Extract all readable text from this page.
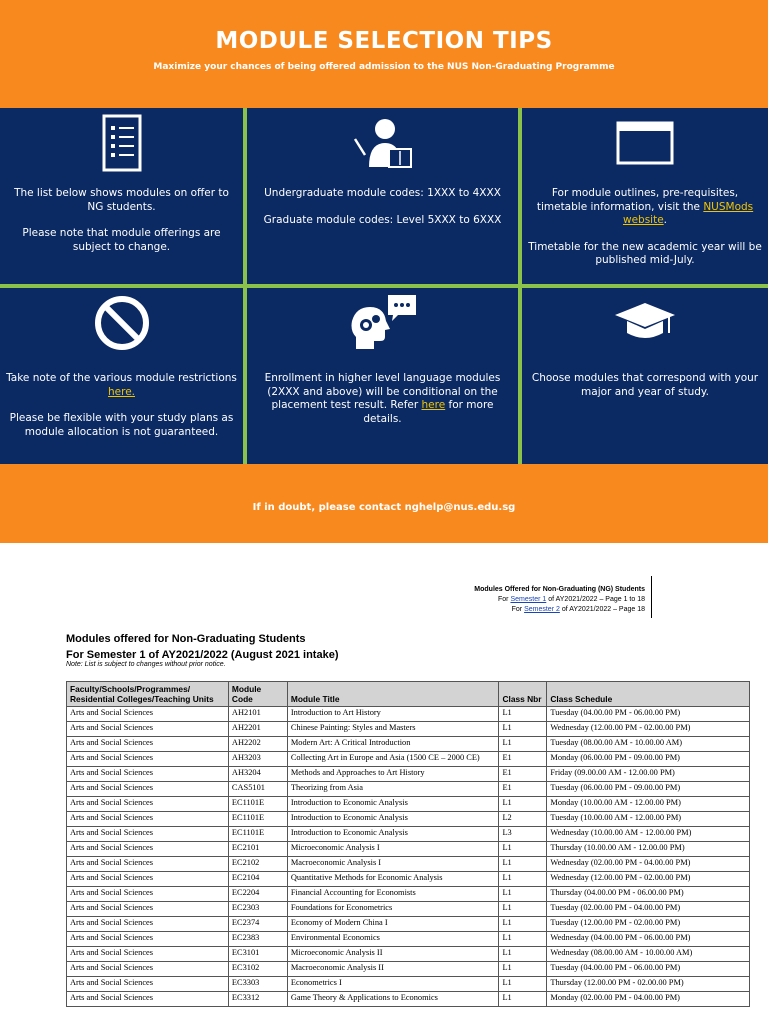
MODULE SELECTION TIPS
Maximize your chances of being offered admission to the NUS Non-Graduating Programme

The list below shows modules on offer to NG students.

Please note that module offerings are subject to change.

Undergraduate module codes: 1XXX to 4XXX

Graduate module codes: Level 5XXX to 6XXX

For module outlines, pre-requisites, timetable information, visit the NUSMods website.

Timetable for the new academic year will be published mid-July.

Take note of the various module restrictions here.

Please be flexible with your study plans as module allocation is not guaranteed.

Enrollment in higher level language modules (2XXX and above) will be conditional on the placement test result. Refer here for more details.

Choose modules that correspond with your major and year of study.

If in doubt, please contact nghelp@nus.edu.sg
Modules Offered for Non-Graduating (NG) Students
For Semester 1 of AY2021/2022 – Page 1 to 18
For Semester 2 of AY2021/2022 – Page 18
Modules offered for Non-Graduating Students
For Semester 1 of AY2021/2022 (August 2021 intake)
Note: List is subject to changes without prior notice.
Faculty/Schools/Programmes/ Residential Colleges/Teaching Units	Module Code	Module Title	Class Nbr	Class Schedule
Arts and Social Sciences	AH2101	Introduction to Art History	L1	Tuesday (04.00.00 PM - 06.00.00 PM)
Arts and Social Sciences	AH2201	Chinese Painting: Styles and Masters	L1	Wednesday (12.00.00 PM - 02.00.00 PM)
Arts and Social Sciences	AH2202	Modern Art: A Critical Introduction	L1	Tuesday (08.00.00 AM - 10.00.00 AM)
Arts and Social Sciences	AH3203	Collecting Art in Europe and Asia (1500 CE – 2000 CE)	E1	Monday (06.00.00 PM - 09.00.00 PM)
Arts and Social Sciences	AH3204	Methods and Approaches to Art History	E1	Friday (09.00.00 AM - 12.00.00 PM)
Arts and Social Sciences	CAS5101	Theorizing from Asia	E1	Tuesday (06.00.00 PM - 09.00.00 PM)
Arts and Social Sciences	EC1101E	Introduction to Economic Analysis	L1	Monday (10.00.00 AM - 12.00.00 PM)
Arts and Social Sciences	EC1101E	Introduction to Economic Analysis	L2	Tuesday (10.00.00 AM - 12.00.00 PM)
Arts and Social Sciences	EC1101E	Introduction to Economic Analysis	L3	Wednesday (10.00.00 AM - 12.00.00 PM)
Arts and Social Sciences	EC2101	Microeconomic Analysis I	L1	Thursday (10.00.00 AM - 12.00.00 PM)
Arts and Social Sciences	EC2102	Macroeconomic Analysis I	L1	Wednesday (02.00.00 PM - 04.00.00 PM)
Arts and Social Sciences	EC2104	Quantitative Methods for Economic Analysis	L1	Wednesday (12.00.00 PM - 02.00.00 PM)
Arts and Social Sciences	EC2204	Financial Accounting for Economists	L1	Thursday (04.00.00 PM - 06.00.00 PM)
Arts and Social Sciences	EC2303	Foundations for Econometrics	L1	Tuesday (02.00.00 PM - 04.00.00 PM)
Arts and Social Sciences	EC2374	Economy of Modern China I	L1	Tuesday (12.00.00 PM - 02.00.00 PM)
Arts and Social Sciences	EC2383	Environmental Economics	L1	Wednesday (04.00.00 PM - 06.00.00 PM)
Arts and Social Sciences	EC3101	Microeconomic Analysis II	L1	Wednesday (08.00.00 AM - 10.00.00 AM)
Arts and Social Sciences	EC3102	Macroeconomic Analysis II	L1	Tuesday (04.00.00 PM - 06.00.00 PM)
Arts and Social Sciences	EC3303	Econometrics I	L1	Thursday (12.00.00 PM - 02.00.00 PM)
Arts and Social Sciences	EC3312	Game Theory & Applications to Economics	L1	Monday (02.00.00 PM - 04.00.00 PM)
